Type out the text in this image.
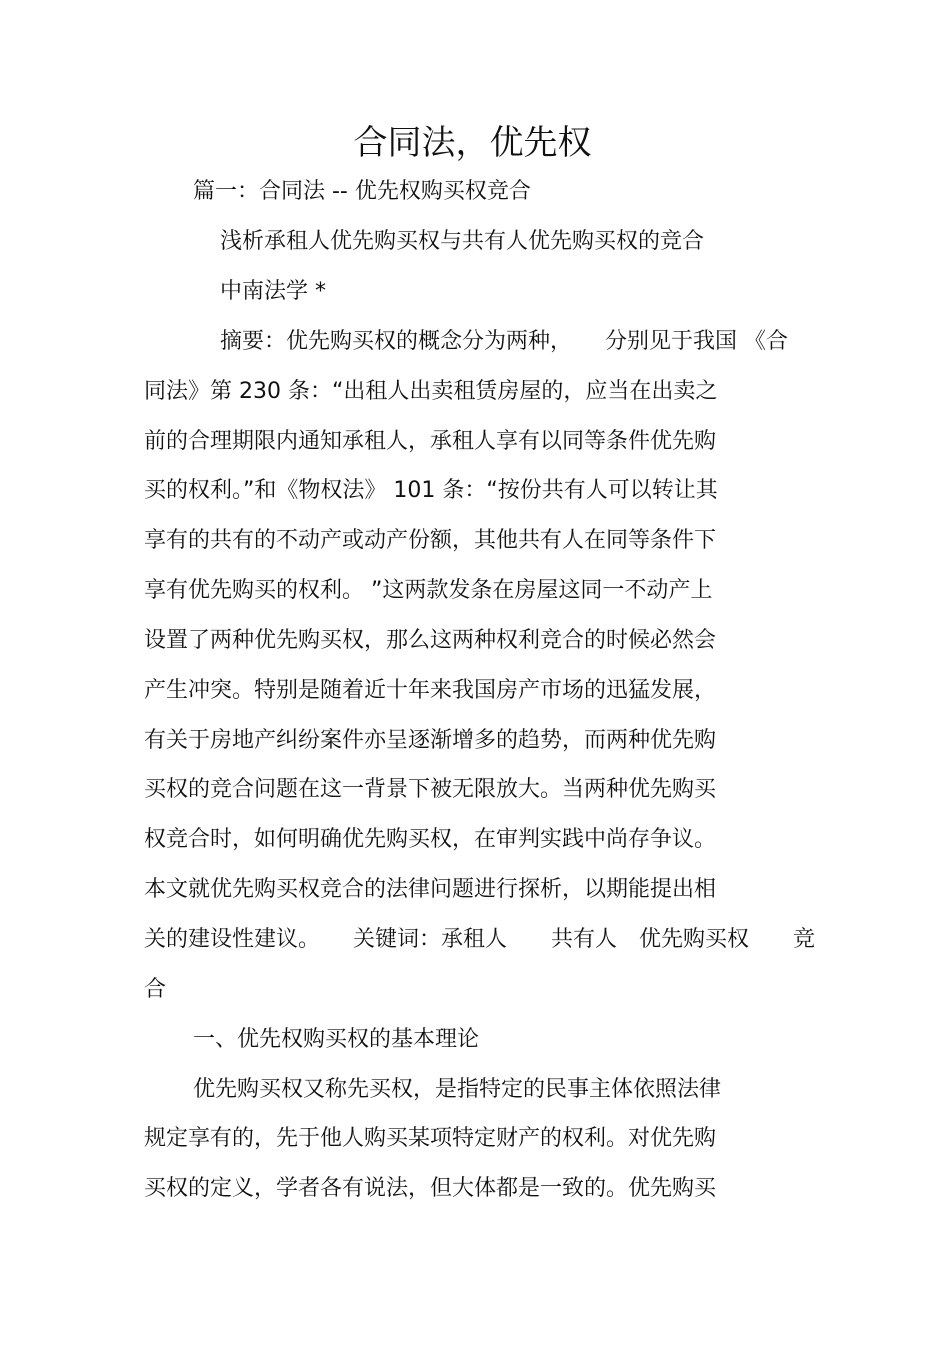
合同法，优先权
篇一：合同法 -- 优先权购买权竞合
浅析承租人优先购买权与共有人优先购买权的竞合
中南法学 *
摘要：优先购买权的概念分为两种，　　分别见于我国 《合
同法》第 230 条：“出租人出卖租赁房屋的，应当在出卖之
前的合理期限内通知承租人，承租人享有以同等条件优先购
买的权利。”和《物权法》 101 条：“按份共有人可以转让其
享有的共有的不动产或动产份额，其他共有人在同等条件下
享有优先购买的权利。 ”这两款发条在房屋这同一不动产上
设置了两种优先购买权，那么这两种权利竞合的时候必然会
产生冲突。特别是随着近十年来我国房产市场的迅猛发展，
有关于房地产纠纷案件亦呈逐渐增多的趋势，而两种优先购
买权的竞合问题在这一背景下被无限放大。当两种优先购买
权竞合时，如何明确优先购买权，在审判实践中尚存争议。
本文就优先购买权竞合的法律问题进行探析，以期能提出相
关的建设性建议。　　关键词：承租人　　共有人　优先购买权　　竞
合
一、优先权购买权的基本理论
优先购买权又称先买权，是指特定的民事主体依照法律
规定享有的，先于他人购买某项特定财产的权利。对优先购
买权的定义，学者各有说法，但大体都是一致的。优先购买
